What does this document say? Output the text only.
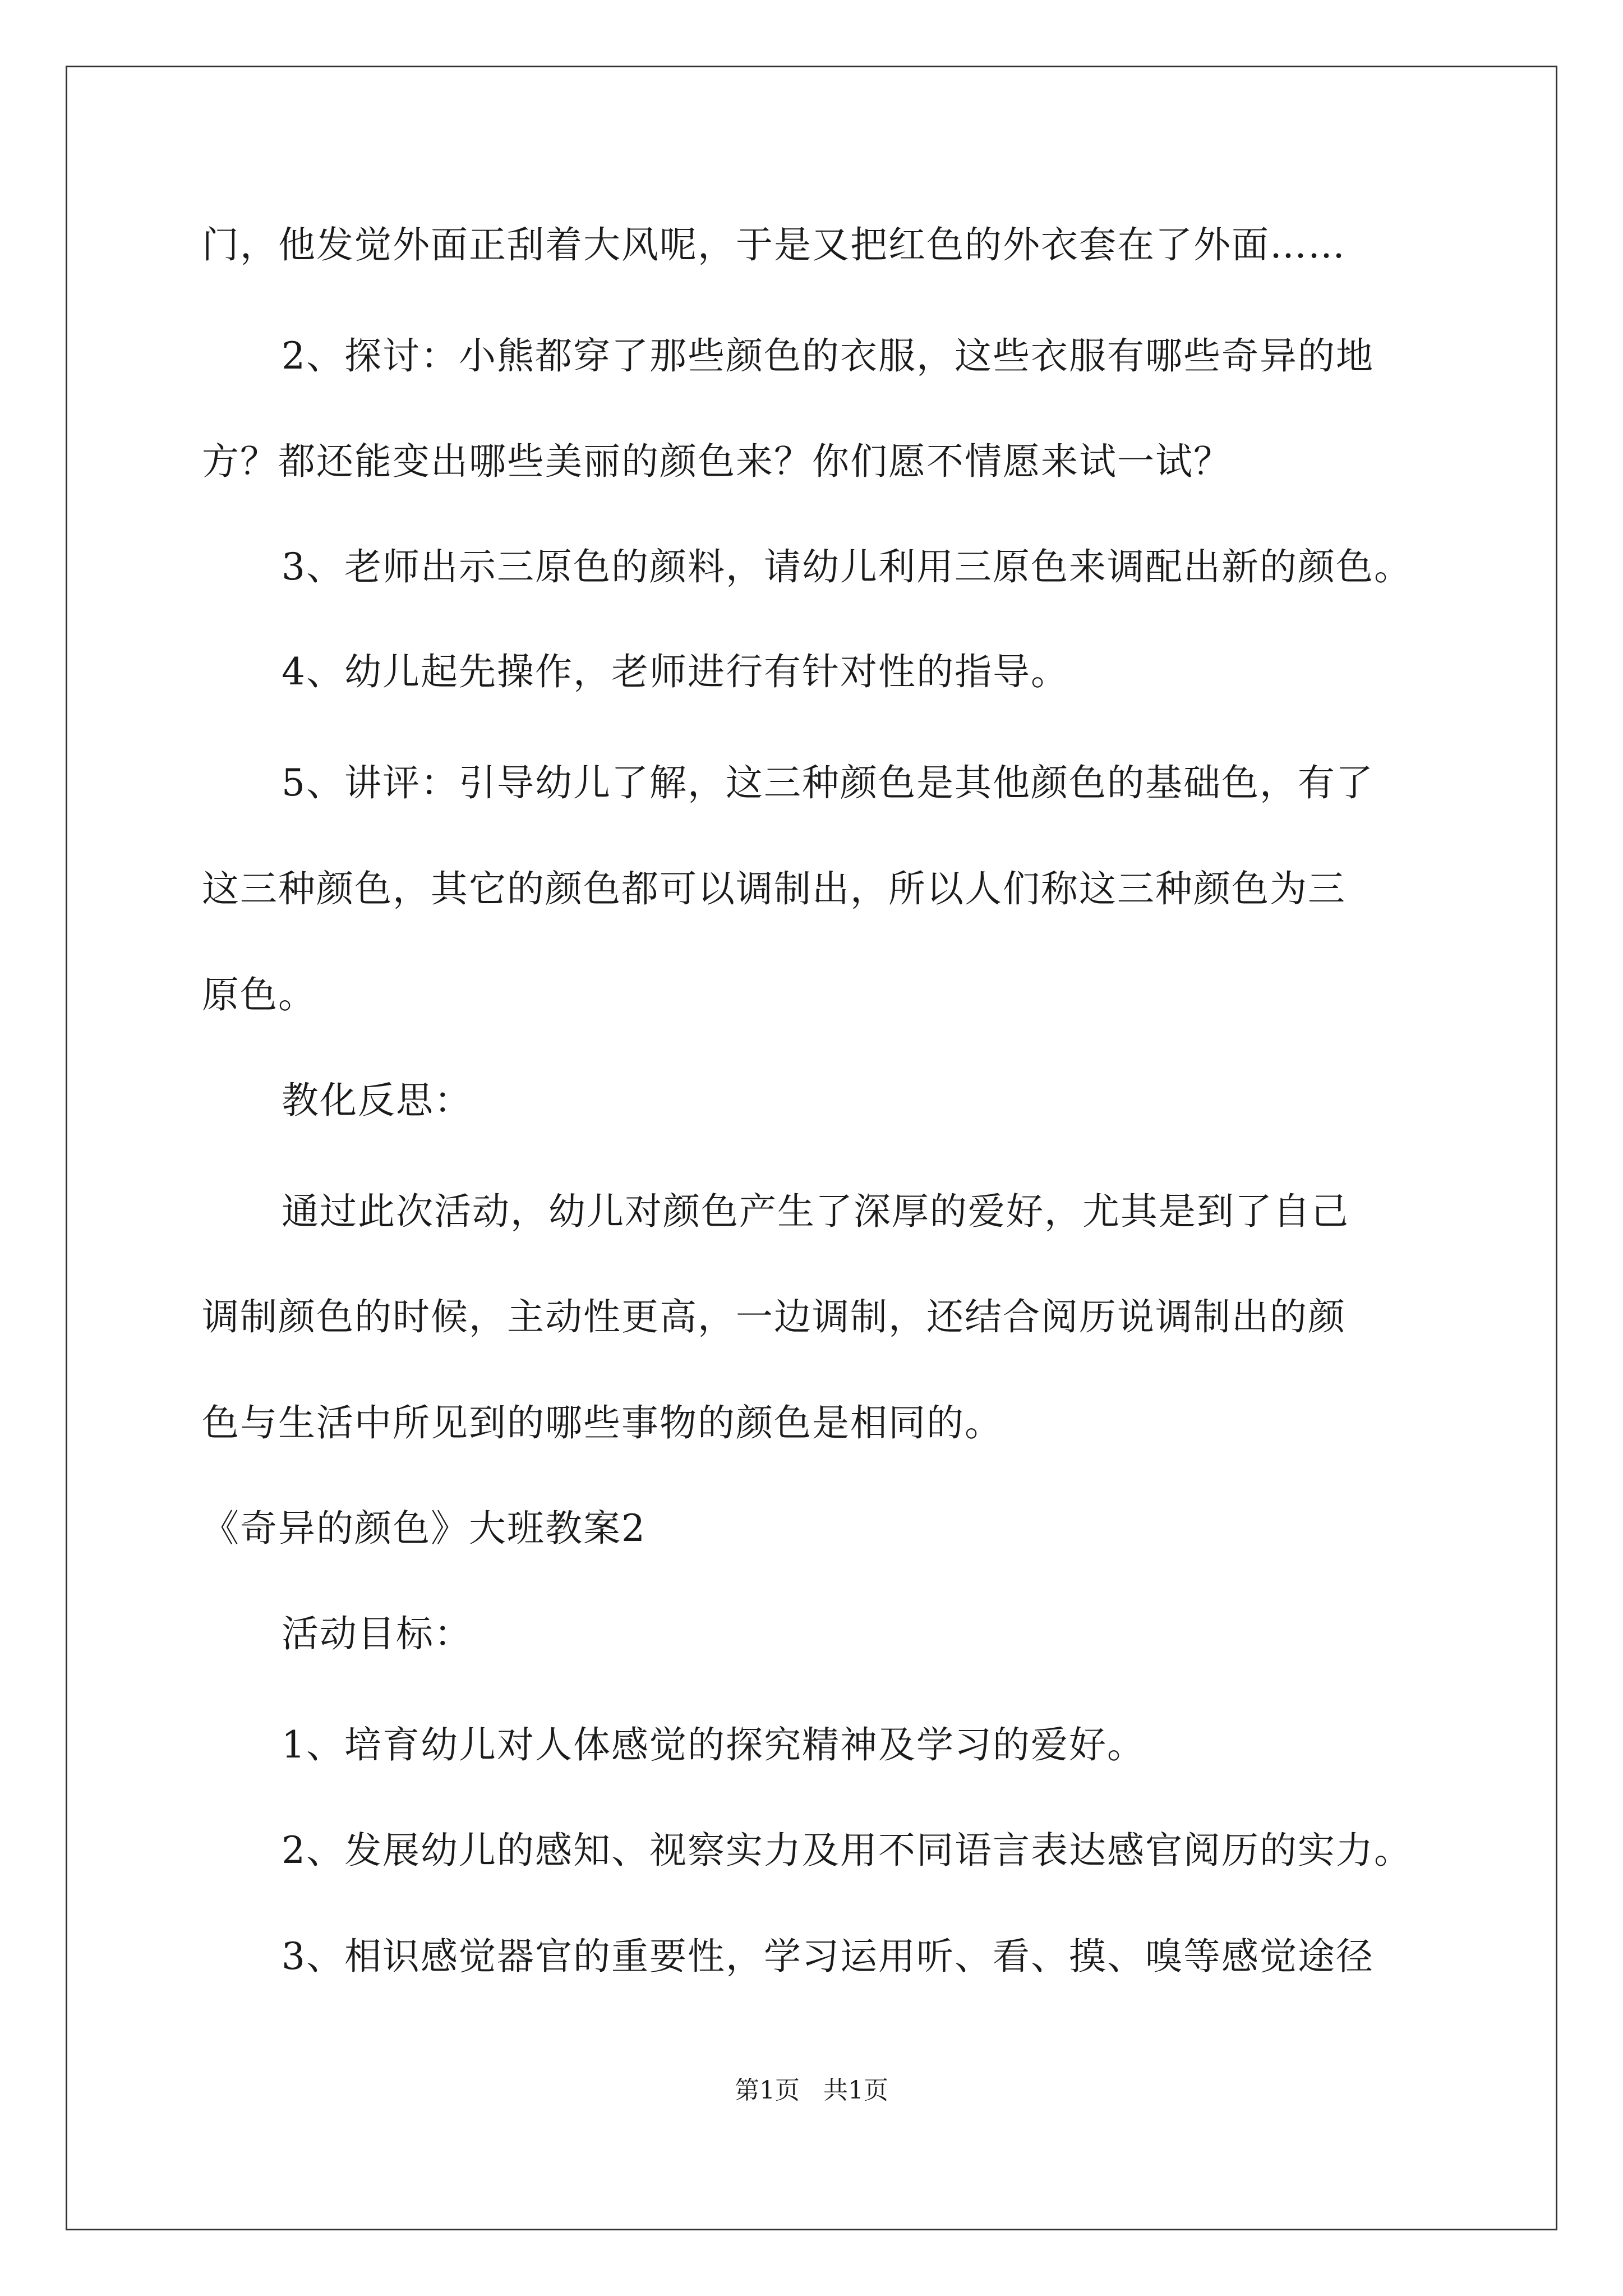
门，他发觉外面正刮着大风呢，于是又把红色的外衣套在了外面……
2、探讨：小熊都穿了那些颜色的衣服，这些衣服有哪些奇异的地
方？都还能变出哪些美丽的颜色来？你们愿不情愿来试一试？
3、老师出示三原色的颜料，请幼儿利用三原色来调配出新的颜色。
4、幼儿起先操作，老师进行有针对性的指导。
5、讲评：引导幼儿了解，这三种颜色是其他颜色的基础色，有了
这三种颜色，其它的颜色都可以调制出，所以人们称这三种颜色为三
原色。
教化反思：
通过此次活动，幼儿对颜色产生了深厚的爱好，尤其是到了自己
调制颜色的时候，主动性更高，一边调制，还结合阅历说调制出的颜
色与生活中所见到的哪些事物的颜色是相同的。
《奇异的颜色》大班教案2
活动目标：
1、培育幼儿对人体感觉的探究精神及学习的爱好。
2、发展幼儿的感知、视察实力及用不同语言表达感官阅历的实力。
3、相识感觉器官的重要性，学习运用听、看、摸、嗅等感觉途径
第1页   共1页
